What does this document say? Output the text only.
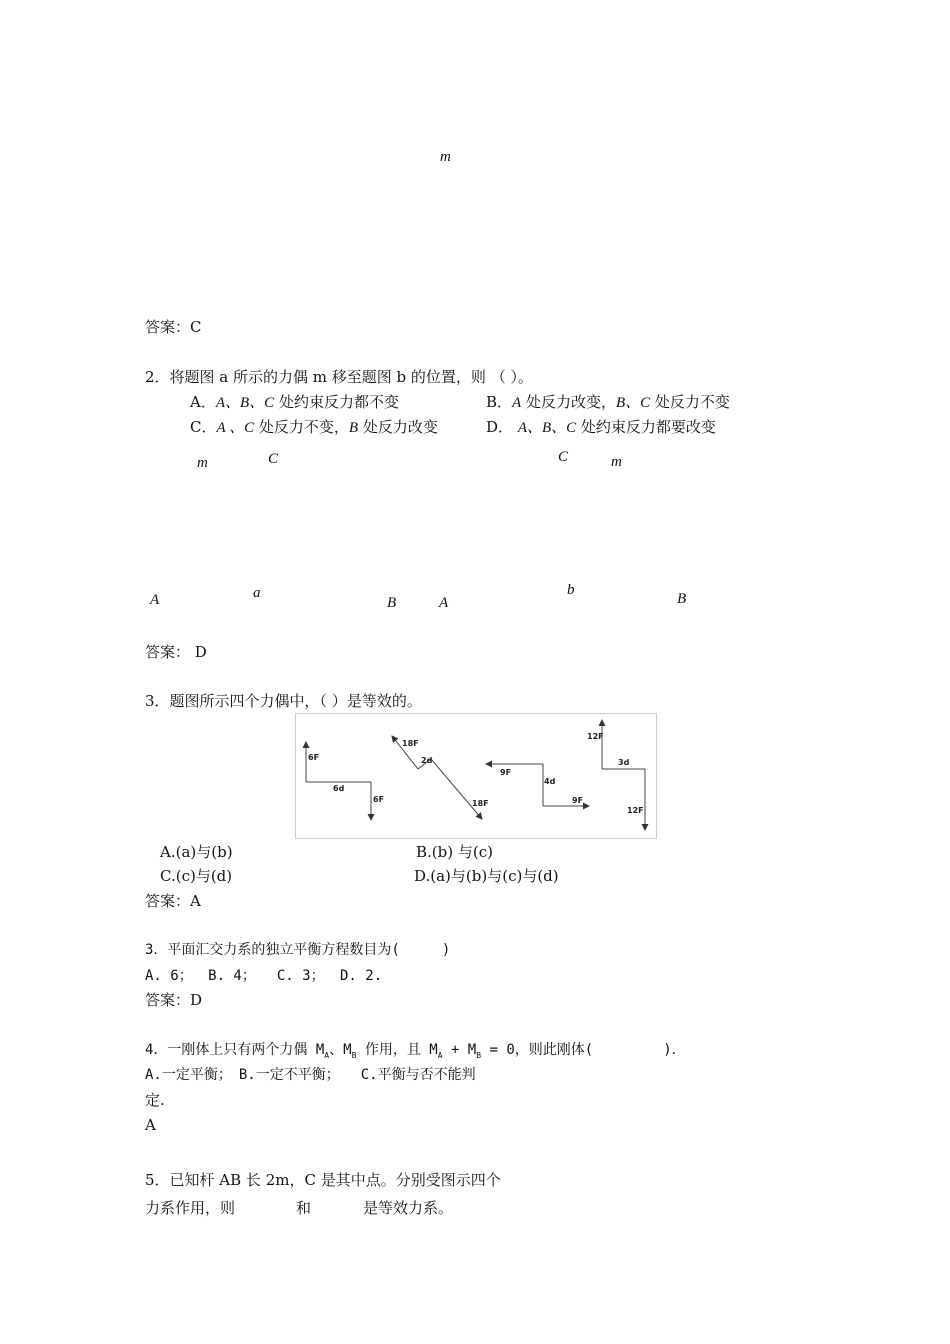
m
答案：C
2．将题图 a 所示的力偶 m 移至题图 b 的位置，则 （ ）。
A．A、B、C 处约束反力都不变	B．A 处反力改变，B、C 处反力不变
C．A 、C 处反力不变，B 处反力改变	D． A、B、C 处约束反力都要改变
m	C	C	m
A	a
B	A
b
B
答案： D
3．题图所示四个力偶中，（ ）是等效的。
6F
6d
6F
18F
2d
18F
9F
4d
9F
12F
3d
12F
A.(a)与(b)	B.(b) 与(c)
C.(c)与(d)	D.(a)与(b)与(c)与(d)
答案：A
3．平面汇交力系的独立平衡方程数目为(　　　)
A. 6；　 B. 4；　　C. 3；　 D. 2.
答案：D
4．一刚体上只有两个力偶 $M_A$、$M_B$ 作用，且 $M_A + M_B = 0$，则此刚体(　　　　　)．
A.一定平衡；　B.一定不平衡；　　C.平衡与否不能判
定.
A
5．已知杆 AB 长 2m，C 是其中点。分别受图示四个
力系作用，则	和	是等效力系。
